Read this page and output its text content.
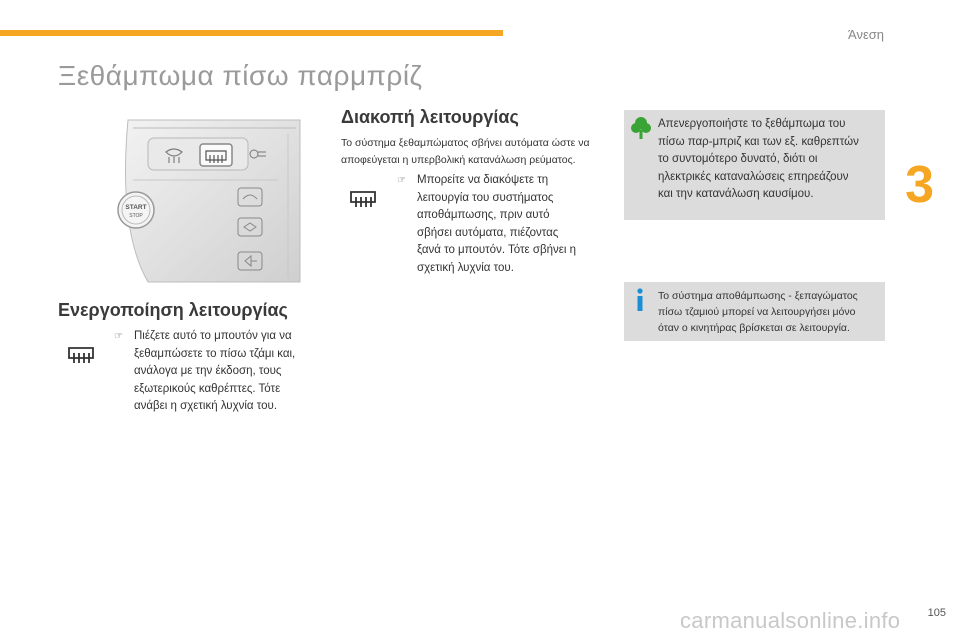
Άνεση
3
Ξεθάμπωμα πίσω παρμπρίζ
START
STOP
Ενεργοποίηση λειτουργίας
☞ Πιέζετε αυτό το μπουτόν για να
ξεθαμπώσετε το πίσω τζάμι και,
ανάλογα με την έκδοση, τους
εξωτερικούς καθρέπτες. Τότε
ανάβει η σχετική λυχνία του.
Διακοπή λειτουργίας
Το σύστημα ξεθαμπώματος σβήνει αυτόματα ώστε να
αποφεύγεται η υπερβολική κατανάλωση ρεύματος.
☞ Μπορείτε να διακόψετε τη
λειτουργία του συστήματος
αποθάμπωσης, πριν αυτό
σβήσει αυτόματα, πιέζοντας
ξανά το μπουτόν. Τότε σβήνει η
σχετική λυχνία του.
Απενεργοποιήστε το ξεθάμπωμα του
πίσω παρ-μπριζ και των εξ. καθρεπτών
το συντομότερο δυνατό, διότι οι
ηλεκτρικές καταναλώσεις επηρεάζουν
και την κατανάλωση καυσίμου.
Το σύστημα αποθάμπωσης - ξεπαγώματος
πίσω τζαμιού μπορεί να λειτουργήσει μόνο
όταν ο κινητήρας βρίσκεται σε λειτουργία.
carmanualsonline.info 105
